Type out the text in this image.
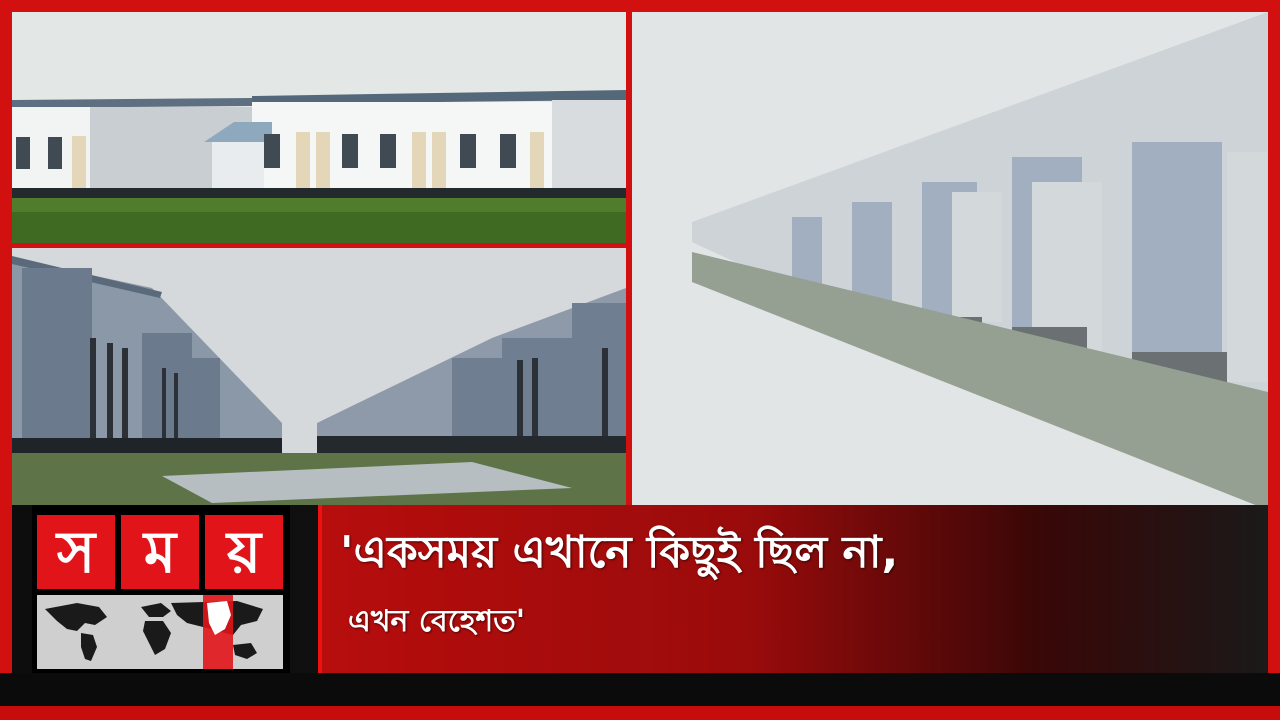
স ম য়	'একসময় এখানে কিছুই ছিল না,
এখন বেহেশত'
